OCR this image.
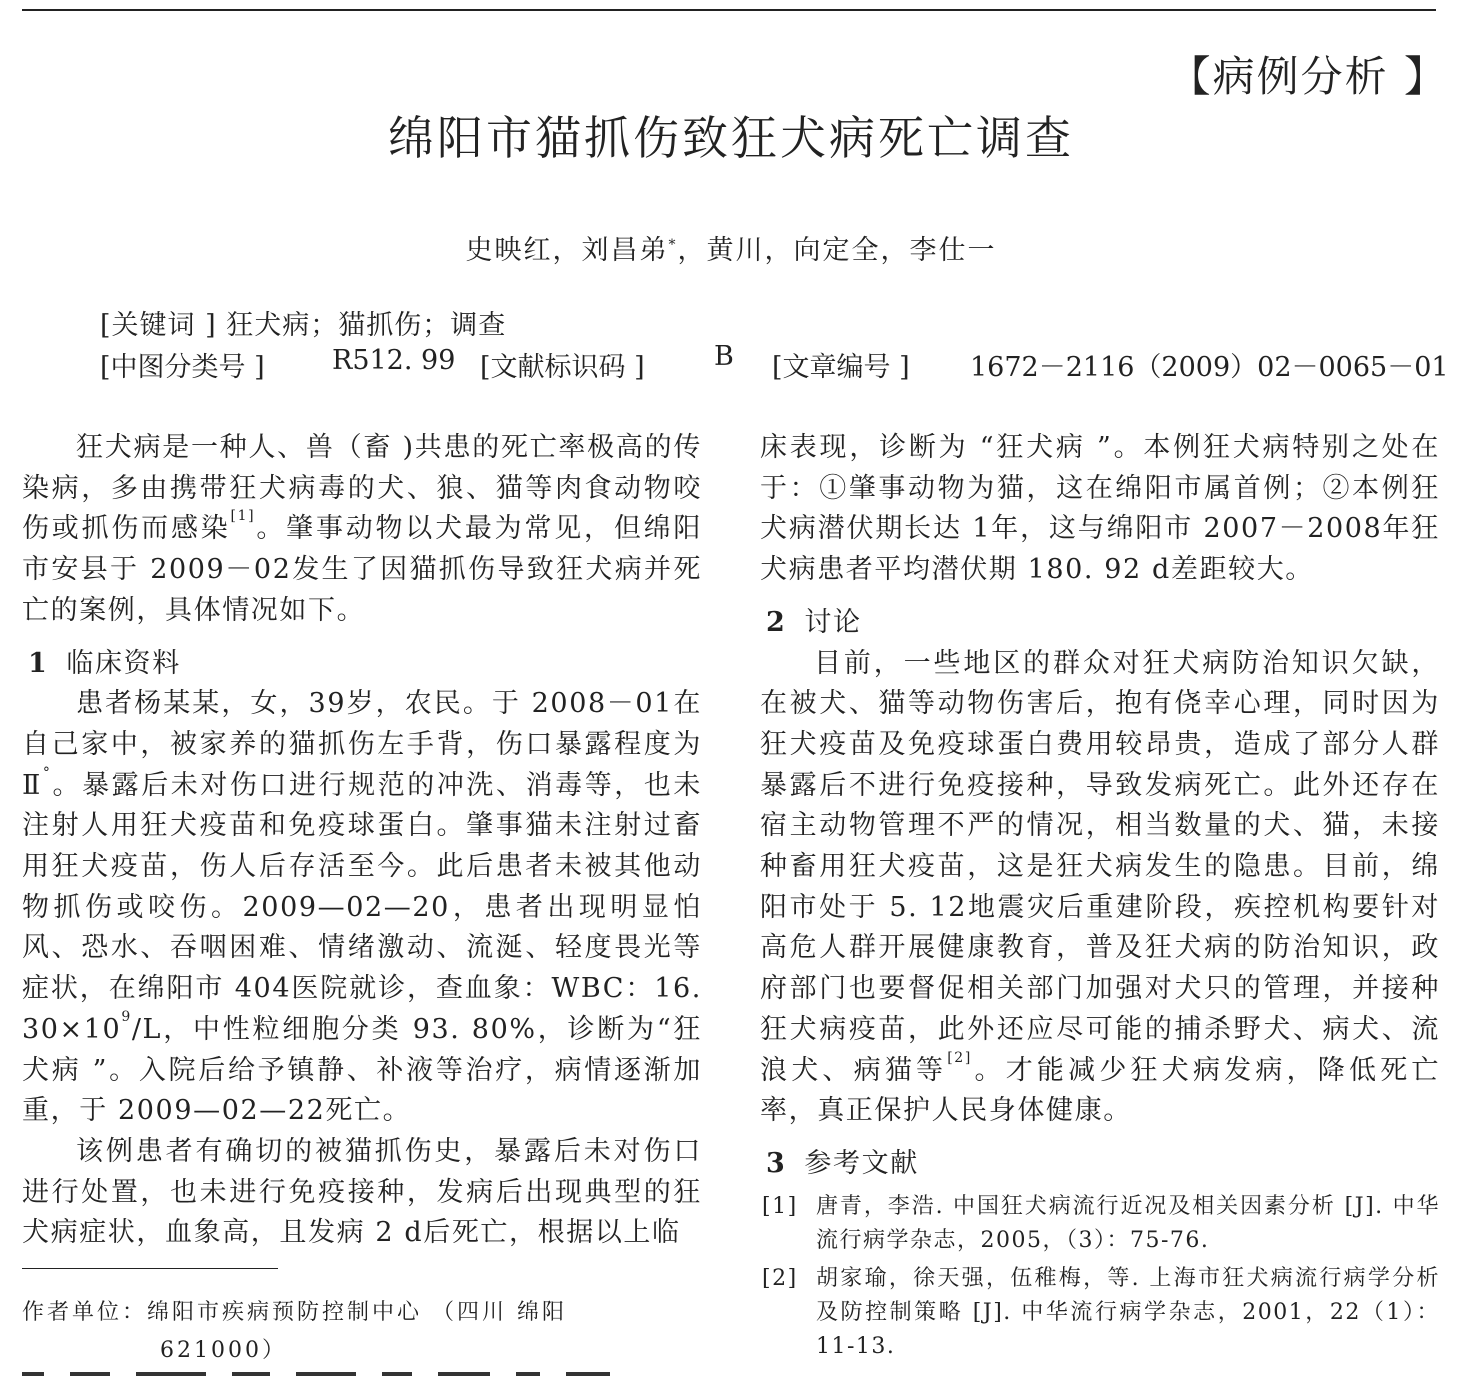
【病例分析 】
绵阳市猫抓伤致狂犬病死亡调查
史映红，刘昌弟*，黄川，向定全，李仕一
[关键词 ] 狂犬病；猫抓伤；调查
[中图分类号 ] R512. 99 [文献标识码 ]	B [文章编号 ] 1672－2116（2009）02－0065－01

狂犬病是一种人、兽（畜 )共患的死亡率极高的传染病，多由携带狂犬病毒的犬、狼、猫等肉食动物咬伤或抓伤而感染[1]。肇事动物以犬最为常见，但绵阳市安县于 2009－02发生了因猫抓伤导致狂犬病并死亡的案例，具体情况如下。

1 临床资料

患者杨某某，女，39岁，农民。于 2008－01在自己家中，被家养的猫抓伤左手背，伤口暴露程度为Ⅱ°。暴露后未对伤口进行规范的冲洗、消毒等，也未注射人用狂犬疫苗和免疫球蛋白。肇事猫未注射过畜用狂犬疫苗，伤人后存活至今。此后患者未被其他动物抓伤或咬伤。2009—02—20，患者出现明显怕风、恐水、吞咽困难、情绪激动、流涎、轻度畏光等症状，在绵阳市 404医院就诊，查血象：WBC：16. $30\times 10^9/L$，中性粒细胞分类 93. 80%，诊断为“狂犬病 ”。入院后给予镇静、补液等治疗，病情逐渐加重，于 2009—02—22死亡。

该例患者有确切的被猫抓伤史，暴露后未对伤口进行处置，也未进行免疫接种，发病后出现典型的狂犬病症状，血象高，且发病 2 d后死亡，根据以上临

床表现，诊断为 “狂犬病 ”。本例狂犬病特别之处在于：①肇事动物为猫，这在绵阳市属首例；②本例狂犬病潜伏期长达 1年，这与绵阳市 2007－2008年狂犬病患者平均潜伏期 180. 92 d差距较大。

2 讨论

目前，一些地区的群众对狂犬病防治知识欠缺，在被犬、猫等动物伤害后，抱有侥幸心理，同时因为狂犬疫苗及免疫球蛋白费用较昂贵，造成了部分人群暴露后不进行免疫接种，导致发病死亡。此外还存在宿主动物管理不严的情况，相当数量的犬、猫，未接种畜用狂犬疫苗，这是狂犬病发生的隐患。目前，绵阳市处于 5. 12地震灾后重建阶段，疾控机构要针对高危人群开展健康教育，普及狂犬病的防治知识，政府部门也要督促相关部门加强对犬只的管理，并接种狂犬病疫苗，此外还应尽可能的捕杀野犬、病犬、流浪犬、病猫等[2]。才能减少狂犬病发病，降低死亡率，真正保护人民身体健康。

3 参考文献
[1] 唐青，李浩. 中国狂犬病流行近况及相关因素分析 [J]. 中华流行病学杂志，2005，（3）：75-76.
[2] 胡家瑜，徐天强，伍稚梅，等. 上海市狂犬病流行病学分析及防控制策略 [J]. 中华流行病学杂志，2001，22（1）：11-13.
作者单位：绵阳市疾病预防控制中心 （四川 绵阳
621000）
